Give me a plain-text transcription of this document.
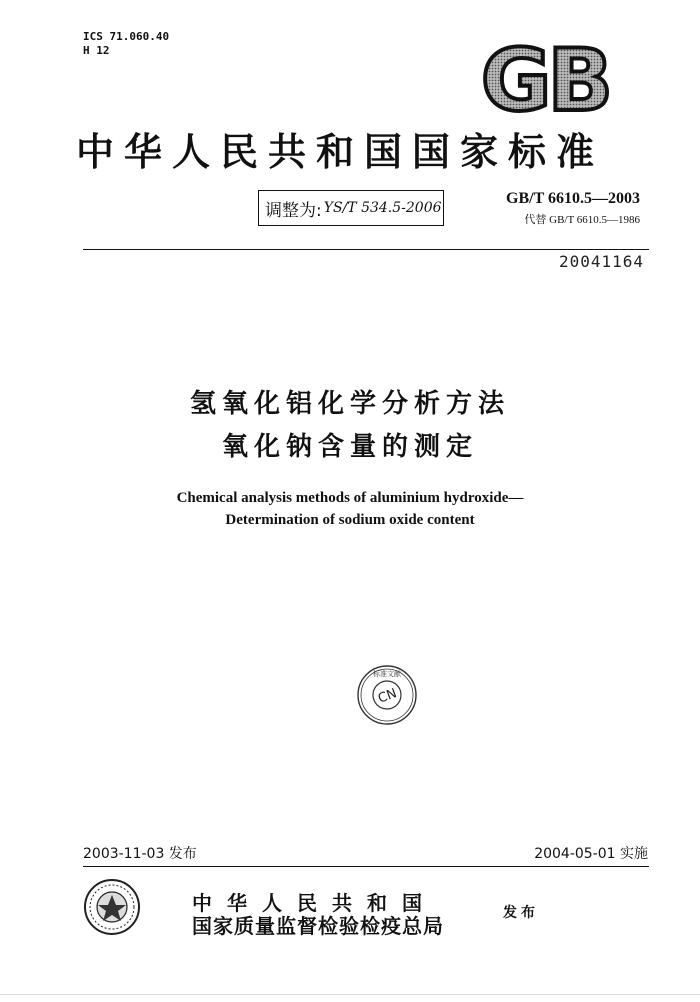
ICS 71.060.40
H 12	GB
中华人民共和国国家标准
调整为: YS/T 534.5-2006
GB/T 6610.5—2003
代替 GB/T 6610.5—1986
20041164
氢氧化铝化学分析方法
氧化钠含量的测定
Chemical analysis methods of aluminium hydroxide—
Determination of sodium oxide content
标准文献
CN
2003-11-03 发布	2004-05-01 实施
中华人民共和国
国家质量监督检验检疫总局
发布
